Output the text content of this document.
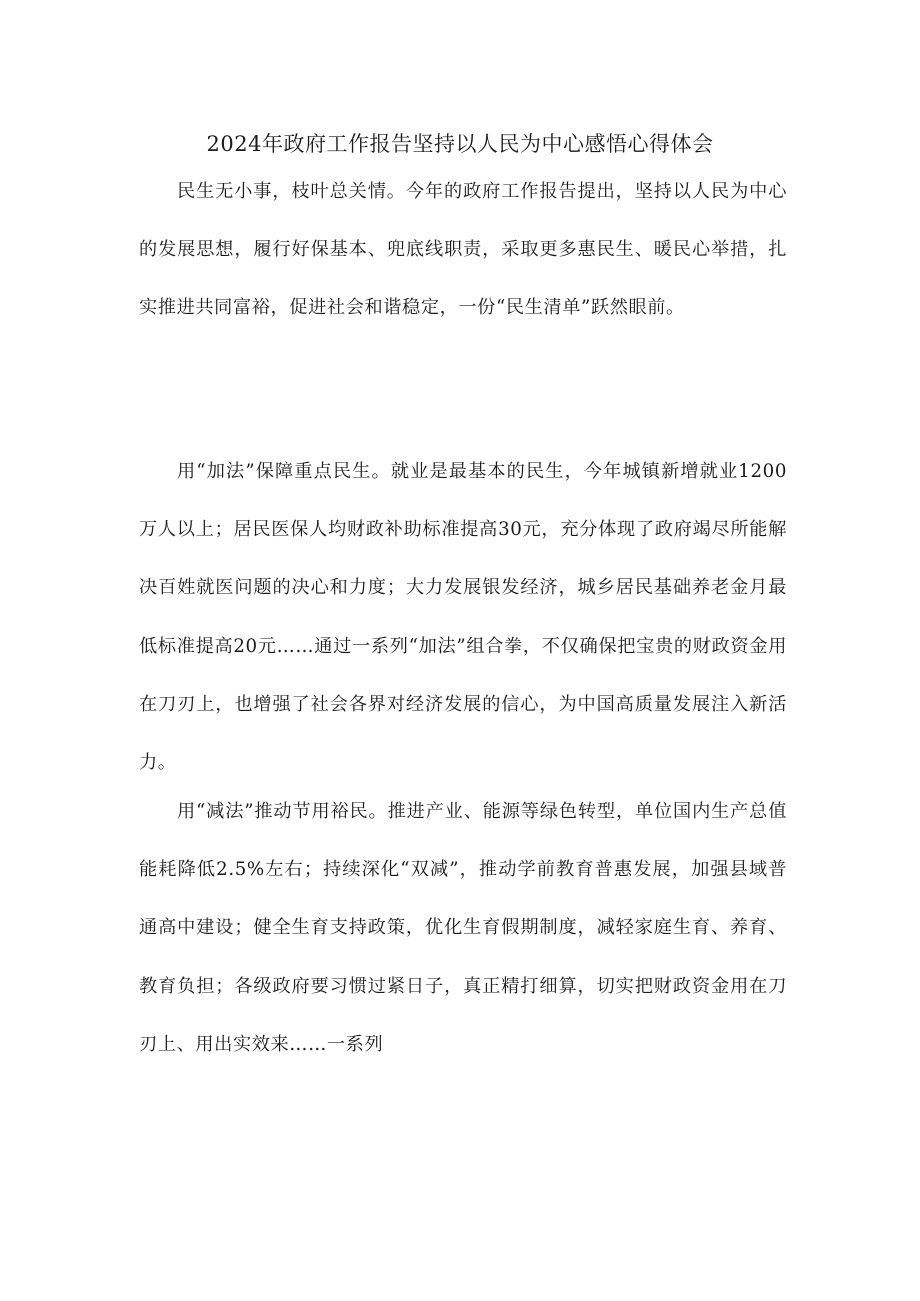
2024年政府工作报告坚持以人民为中心感悟心得体会

民生无小事，枝叶总关情。今年的政府工作报告提出，坚持以人民为中心的发展思想，履行好保基本、兜底线职责，采取更多惠民生、暖民心举措，扎实推进共同富裕，促进社会和谐稳定，一份“民生清单”跃然眼前。

用“加法”保障重点民生。就业是最基本的民生，今年城镇新增就业1200万人以上；居民医保人均财政补助标准提高30元，充分体现了政府竭尽所能解决百姓就医问题的决心和力度；大力发展银发经济，城乡居民基础养老金月最低标准提高20元……通过一系列“加法”组合拳，不仅确保把宝贵的财政资金用在刀刃上，也增强了社会各界对经济发展的信心，为中国高质量发展注入新活力。

用“减法”推动节用裕民。推进产业、能源等绿色转型，单位国内生产总值能耗降低2.5%左右；持续深化“双减”，推动学前教育普惠发展，加强县域普通高中建设；健全生育支持政策，优化生育假期制度，减轻家庭生育、养育、教育负担；各级政府要习惯过紧日子，真正精打细算，切实把财政资金用在刀刃上、用出实效来……一系列
